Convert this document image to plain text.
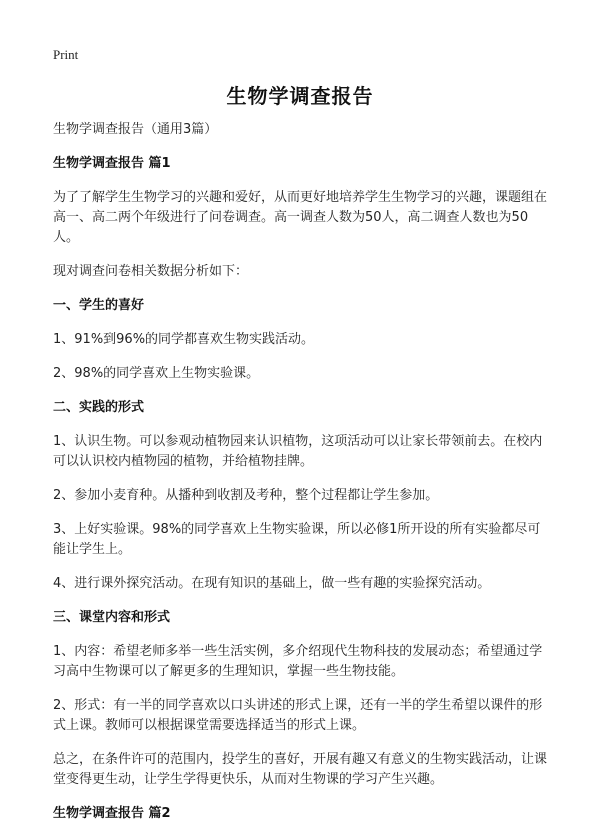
Print
生物学调查报告
生物学调查报告（通用3篇）
生物学调查报告 篇1
为了了解学生生物学习的兴趣和爱好，从而更好地培养学生生物学习的兴趣，课题组在高一、高二两个年级进行了问卷调查。高一调查人数为50人，高二调查人数也为50人。
现对调查问卷相关数据分析如下：
一、学生的喜好
1、91%到96%的同学都喜欢生物实践活动。
2、98%的同学喜欢上生物实验课。
二、实践的形式
1、认识生物。可以参观动植物园来认识植物，这项活动可以让家长带领前去。在校内可以认识校内植物园的植物，并给植物挂牌。
2、参加小麦育种。从播种到收割及考种，整个过程都让学生参加。
3、上好实验课。98%的同学喜欢上生物实验课，所以必修1所开设的所有实验都尽可能让学生上。
4、进行课外探究活动。在现有知识的基础上，做一些有趣的实验探究活动。
三、课堂内容和形式
1、内容：希望老师多举一些生活实例，多介绍现代生物科技的发展动态；希望通过学习高中生物课可以了解更多的生理知识，掌握一些生物技能。
2、形式：有一半的同学喜欢以口头讲述的形式上课，还有一半的学生希望以课件的形式上课。教师可以根据课堂需要选择适当的形式上课。
总之，在条件许可的范围内，投学生的喜好，开展有趣又有意义的生物实践活动，让课堂变得更生动，让学生学得更快乐，从而对生物课的学习产生兴趣。
生物学调查报告 篇2
